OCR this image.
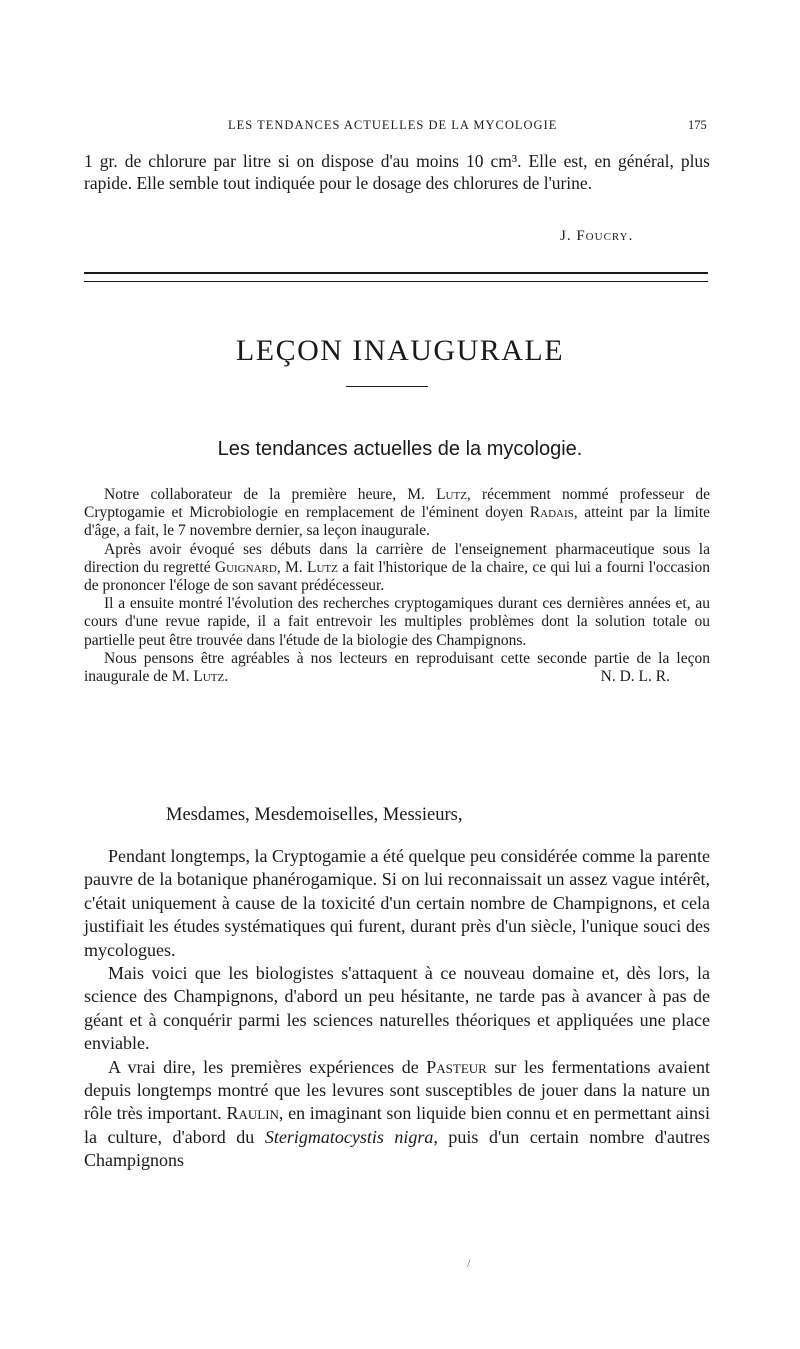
LES TENDANCES ACTUELLES DE LA MYCOLOGIE	175
1 gr. de chlorure par litre si on dispose d'au moins 10 cm³. Elle est, en général, plus rapide. Elle semble tout indiquée pour le dosage des chlorures de l'urine.
J. Foucry.
LEÇON INAUGURALE
Les tendances actuelles de la mycologie.

Notre collaborateur de la première heure, M. Lutz, récemment nommé professeur de Cryptogamie et Microbiologie en remplacement de l'éminent doyen Radais, atteint par la limite d'âge, a fait, le 7 novembre dernier, sa leçon inaugurale.

Après avoir évoqué ses débuts dans la carrière de l'enseignement pharmaceutique sous la direction du regretté Guignard, M. Lutz a fait l'historique de la chaire, ce qui lui a fourni l'occasion de prononcer l'éloge de son savant prédécesseur.

Il a ensuite montré l'évolution des recherches cryptogamiques durant ces dernières années et, au cours d'une revue rapide, il a fait entrevoir les multiples problèmes dont la solution totale ou partielle peut être trouvée dans l'étude de la biologie des Champignons.

Nous pensons être agréables à nos lecteurs en reproduisant cette seconde partie de la leçon inaugurale de M. Lutz.	N. D. L. R.

Mesdames, Mesdemoiselles, Messieurs,

Pendant longtemps, la Cryptogamie a été quelque peu considérée comme la parente pauvre de la botanique phanérogamique. Si on lui reconnaissait un assez vague intérêt, c'était uniquement à cause de la toxicité d'un certain nombre de Champignons, et cela justifiait les études systématiques qui furent, durant près d'un siècle, l'unique souci des mycologues.

Mais voici que les biologistes s'attaquent à ce nouveau domaine et, dès lors, la science des Champignons, d'abord un peu hésitante, ne tarde pas à avancer à pas de géant et à conquérir parmi les sciences naturelles théoriques et appliquées une place enviable.

A vrai dire, les premières expériences de Pasteur sur les fermentations avaient depuis longtemps montré que les levures sont susceptibles de jouer dans la nature un rôle très important. Raulin, en imaginant son liquide bien connu et en permettant ainsi la culture, d'abord du Sterigmatocystis nigra, puis d'un certain nombre d'autres Champignons

/
